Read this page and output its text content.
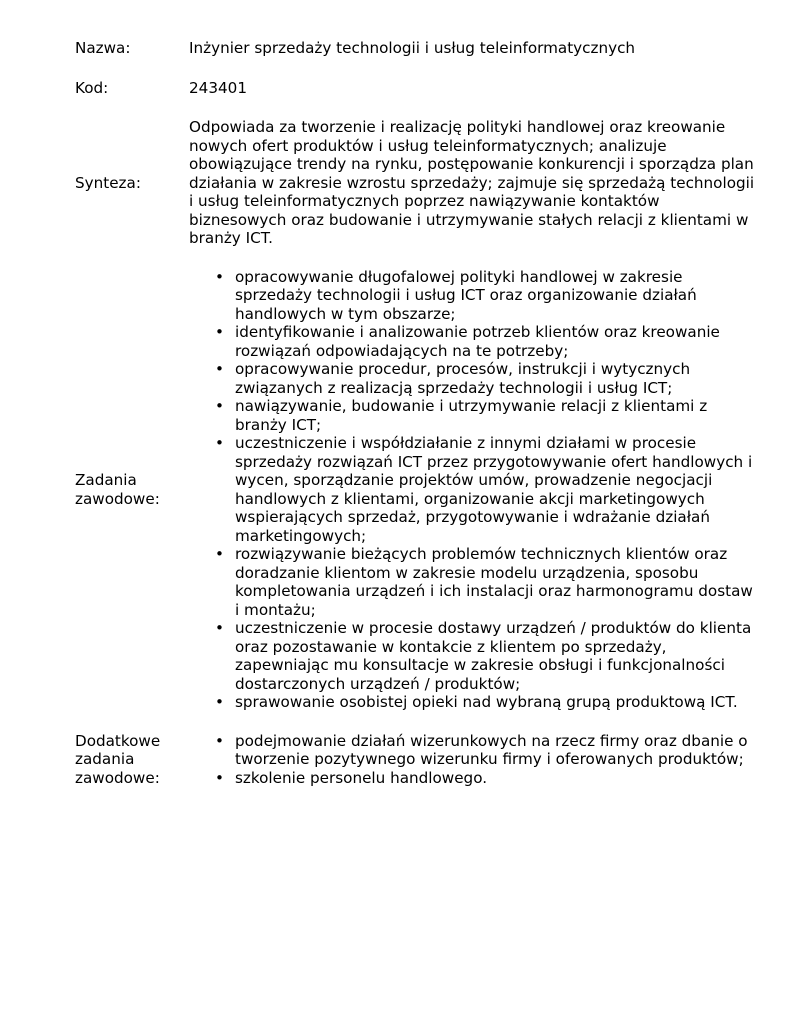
Nazwa:	Inżynier sprzedaży technologii i usług teleinformatycznych
Kod:	243401
Synteza:
Odpowiada za tworzenie i realizację polityki handlowej oraz kreowanie nowych ofert produktów i usług teleinformatycznych; analizuje obowiązujące trendy na rynku, postępowanie konkurencji i sporządza plan działania w zakresie wzrostu sprzedaży; zajmuje się sprzedażą technologii i usług teleinformatycznych poprzez nawiązywanie kontaktów biznesowych oraz budowanie i utrzymywanie stałych relacji z klientami w branży ICT.
Zadania zawodowe:
• opracowywanie długofalowej polityki handlowej w zakresie sprzedaży technologii i usług ICT oraz organizowanie działań handlowych w tym obszarze;
• identyfikowanie i analizowanie potrzeb klientów oraz kreowanie rozwiązań odpowiadających na te potrzeby;
• opracowywanie procedur, procesów, instrukcji i wytycznych związanych z realizacją sprzedaży technologii i usług ICT;
• nawiązywanie, budowanie i utrzymywanie relacji z klientami z branży ICT;
• uczestniczenie i współdziałanie z innymi działami w procesie sprzedaży rozwiązań ICT przez przygotowywanie ofert handlowych i wycen, sporządzanie projektów umów, prowadzenie negocjacji handlowych z klientami, organizowanie akcji marketingowych wspierających sprzedaż, przygotowywanie i wdrażanie działań marketingowych;
• rozwiązywanie bieżących problemów technicznych klientów oraz doradzanie klientom w zakresie modelu urządzenia, sposobu kompletowania urządzeń i ich instalacji oraz harmonogramu dostaw i montażu;
• uczestniczenie w procesie dostawy urządzeń / produktów do klienta oraz pozostawanie w kontakcie z klientem po sprzedaży, zapewniając mu konsultacje w zakresie obsługi i funkcjonalności dostarczonych urządzeń / produktów;
• sprawowanie osobistej opieki nad wybraną grupą produktową ICT.
Dodatkowe zadania zawodowe:
• podejmowanie działań wizerunkowych na rzecz firmy oraz dbanie o tworzenie pozytywnego wizerunku firmy i oferowanych produktów;
• szkolenie personelu handlowego.
